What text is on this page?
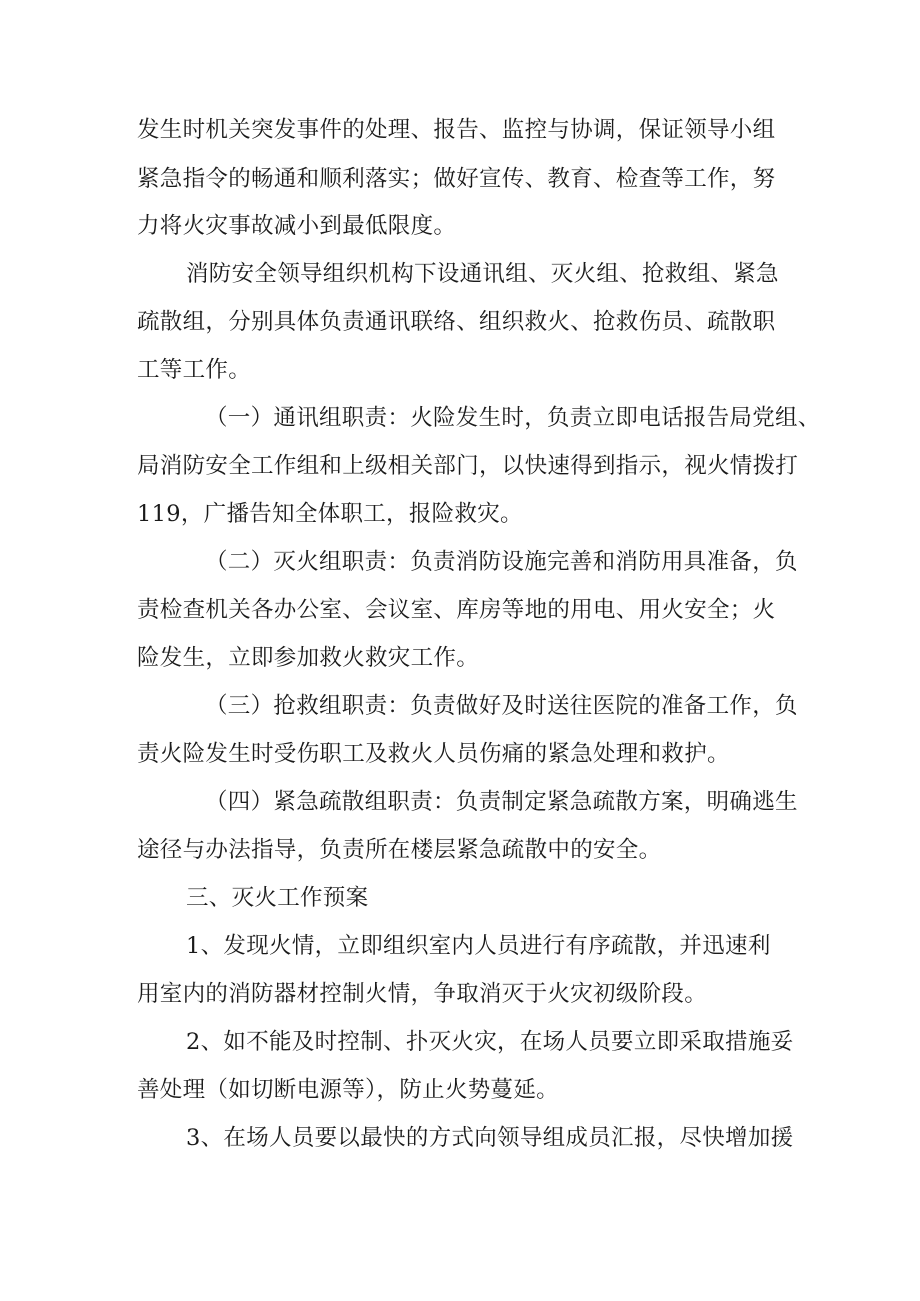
发生时机关突发事件的处理、报告、监控与协调，保证领导小组
紧急指令的畅通和顺利落实；做好宣传、教育、检查等工作，努
力将火灾事故减小到最低限度。
消防安全领导组织机构下设通讯组、灭火组、抢救组、紧急
疏散组，分别具体负责通讯联络、组织救火、抢救伤员、疏散职
工等工作。
（一）通讯组职责：火险发生时，负责立即电话报告局党组、
局消防安全工作组和上级相关部门，以快速得到指示，视火情拨打
119，广播告知全体职工，报险救灾。
（二）灭火组职责：负责消防设施完善和消防用具准备，负
责检查机关各办公室、会议室、库房等地的用电、用火安全；火
险发生，立即参加救火救灾工作。
（三）抢救组职责：负责做好及时送往医院的准备工作，负
责火险发生时受伤职工及救火人员伤痛的紧急处理和救护。
（四）紧急疏散组职责：负责制定紧急疏散方案，明确逃生
途径与办法指导，负责所在楼层紧急疏散中的安全。
三、灭火工作预案
1、发现火情，立即组织室内人员进行有序疏散，并迅速利
用室内的消防器材控制火情，争取消灭于火灾初级阶段。
2、如不能及时控制、扑灭火灾，在场人员要立即采取措施妥
善处理（如切断电源等），防止火势蔓延。
3、在场人员要以最快的方式向领导组成员汇报，尽快增加援
